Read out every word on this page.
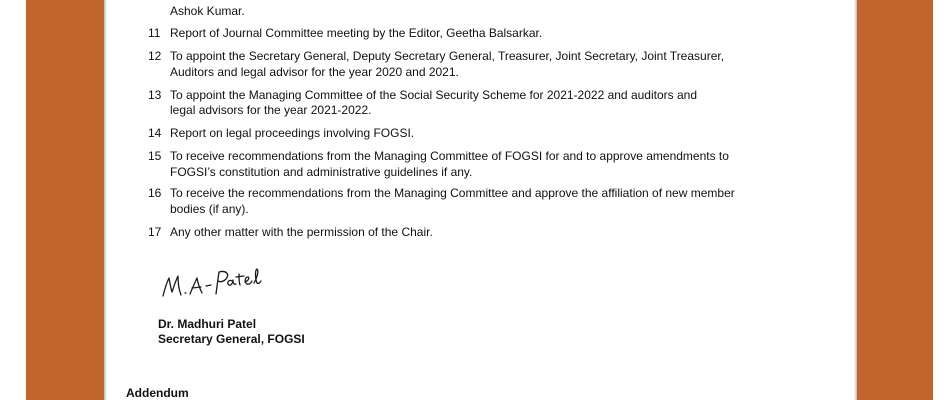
Ashok Kumar.
11 Report of Journal Committee meeting by the Editor, Geetha Balsarkar.
12 To appoint the Secretary General, Deputy Secretary General, Treasurer, Joint Secretary, Joint Treasurer,
Auditors and legal advisor for the year 2020 and 2021.
13 To appoint the Managing Committee of the Social Security Scheme for 2021-2022 and auditors and
legal advisors for the year 2021-2022.
14 Report on legal proceedings involving FOGSI.
15 To receive recommendations from the Managing Committee of FOGSI for and to approve amendments to
FOGSI’s constitution and administrative guidelines if any.
16 To receive the recommendations from the Managing Committee and approve the affiliation of new member
bodies (if any).
17 Any other matter with the permission of the Chair.
Dr. Madhuri Patel
Secretary General, FOGSI
Addendum
